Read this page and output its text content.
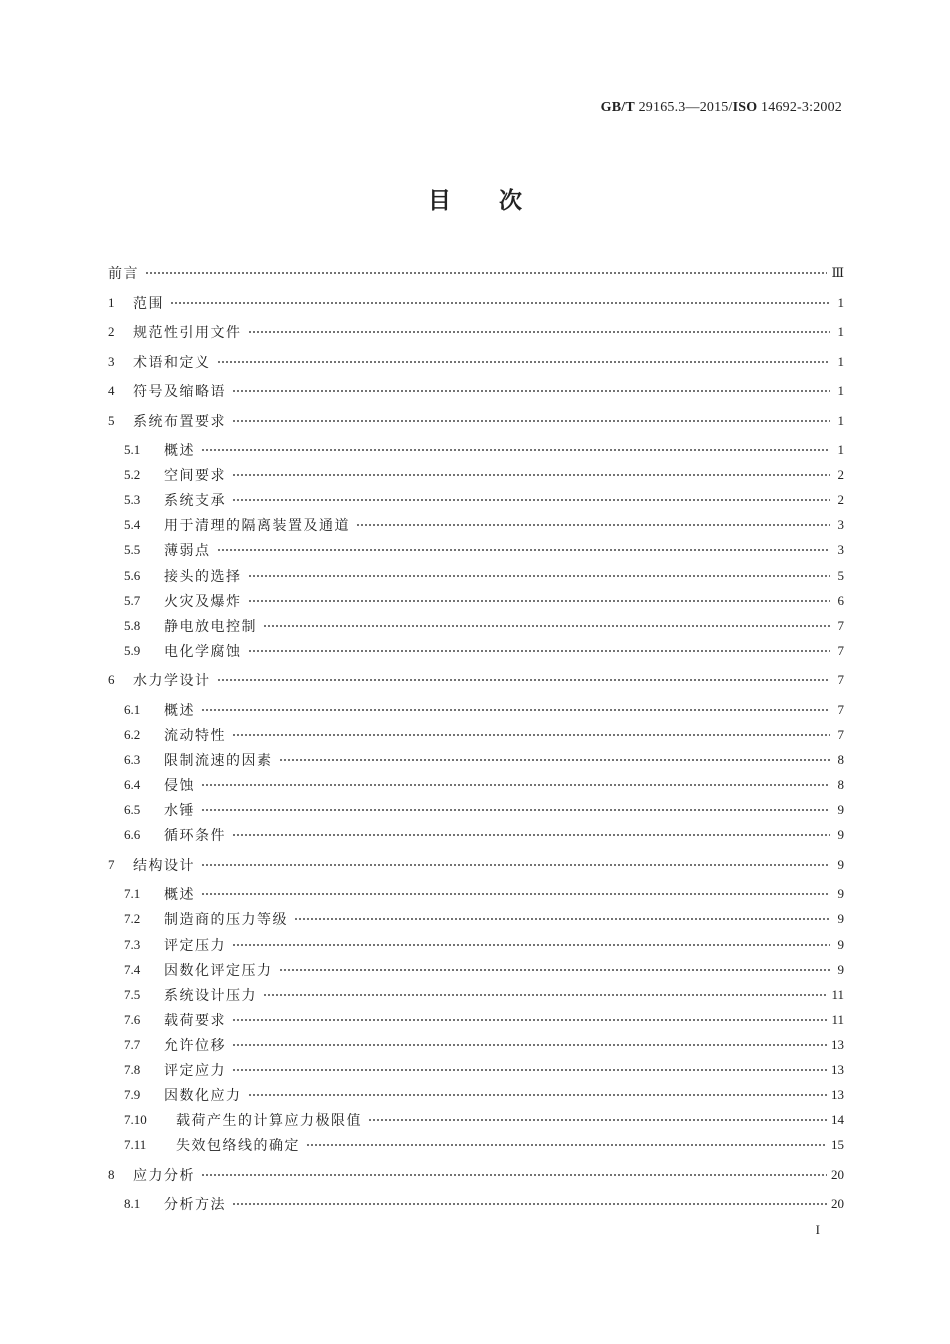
GB/T 29165.3—2015/ISO 14692-3:2002
目次
前言	Ⅲ
1	范围	1
2	规范性引用文件	1
3	术语和定义	1
4	符号及缩略语	1
5	系统布置要求	1
5.1	概述	1
5.2	空间要求	2
5.3	系统支承	2
5.4	用于清理的隔离装置及通道	3
5.5	薄弱点	3
5.6	接头的选择	5
5.7	火灾及爆炸	6
5.8	静电放电控制	7
5.9	电化学腐蚀	7
6	水力学设计	7
6.1	概述	7
6.2	流动特性	7
6.3	限制流速的因素	8
6.4	侵蚀	8
6.5	水锤	9
6.6	循环条件	9
7	结构设计	9
7.1	概述	9
7.2	制造商的压力等级	9
7.3	评定压力	9
7.4	因数化评定压力	9
7.5	系统设计压力	11
7.6	载荷要求	11
7.7	允许位移	13
7.8	评定应力	13
7.9	因数化应力	13
7.10	载荷产生的计算应力极限值	14
7.11	失效包络线的确定	15
8	应力分析	20
8.1	分析方法	20
I
